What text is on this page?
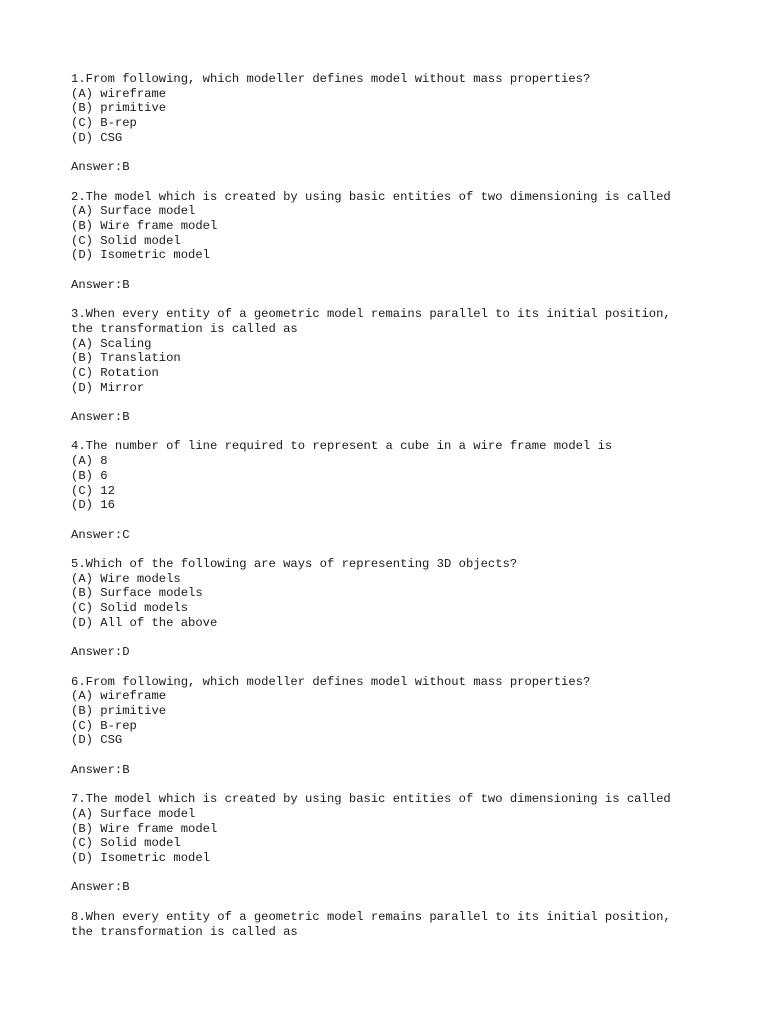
1.From following, which modeller defines model without mass properties?
(A) wireframe
(B) primitive
(C) B-rep
(D) CSG
Answer:B
2.The model which is created by using basic entities of two dimensioning is called
(A) Surface model
(B) Wire frame model
(C) Solid model
(D) Isometric model
Answer:B
3.When every entity of a geometric model remains parallel to its initial position,
the transformation is called as
(A) Scaling
(B) Translation
(C) Rotation
(D) Mirror
Answer:B
4.The number of line required to represent a cube in a wire frame model is
(A) 8
(B) 6
(C) 12
(D) 16
Answer:C
5.Which of the following are ways of representing 3D objects?
(A) Wire models
(B) Surface models
(C) Solid models
(D) All of the above
Answer:D
6.From following, which modeller defines model without mass properties?
(A) wireframe
(B) primitive
(C) B-rep
(D) CSG
Answer:B
7.The model which is created by using basic entities of two dimensioning is called
(A) Surface model
(B) Wire frame model
(C) Solid model
(D) Isometric model
Answer:B
8.When every entity of a geometric model remains parallel to its initial position,
the transformation is called as
